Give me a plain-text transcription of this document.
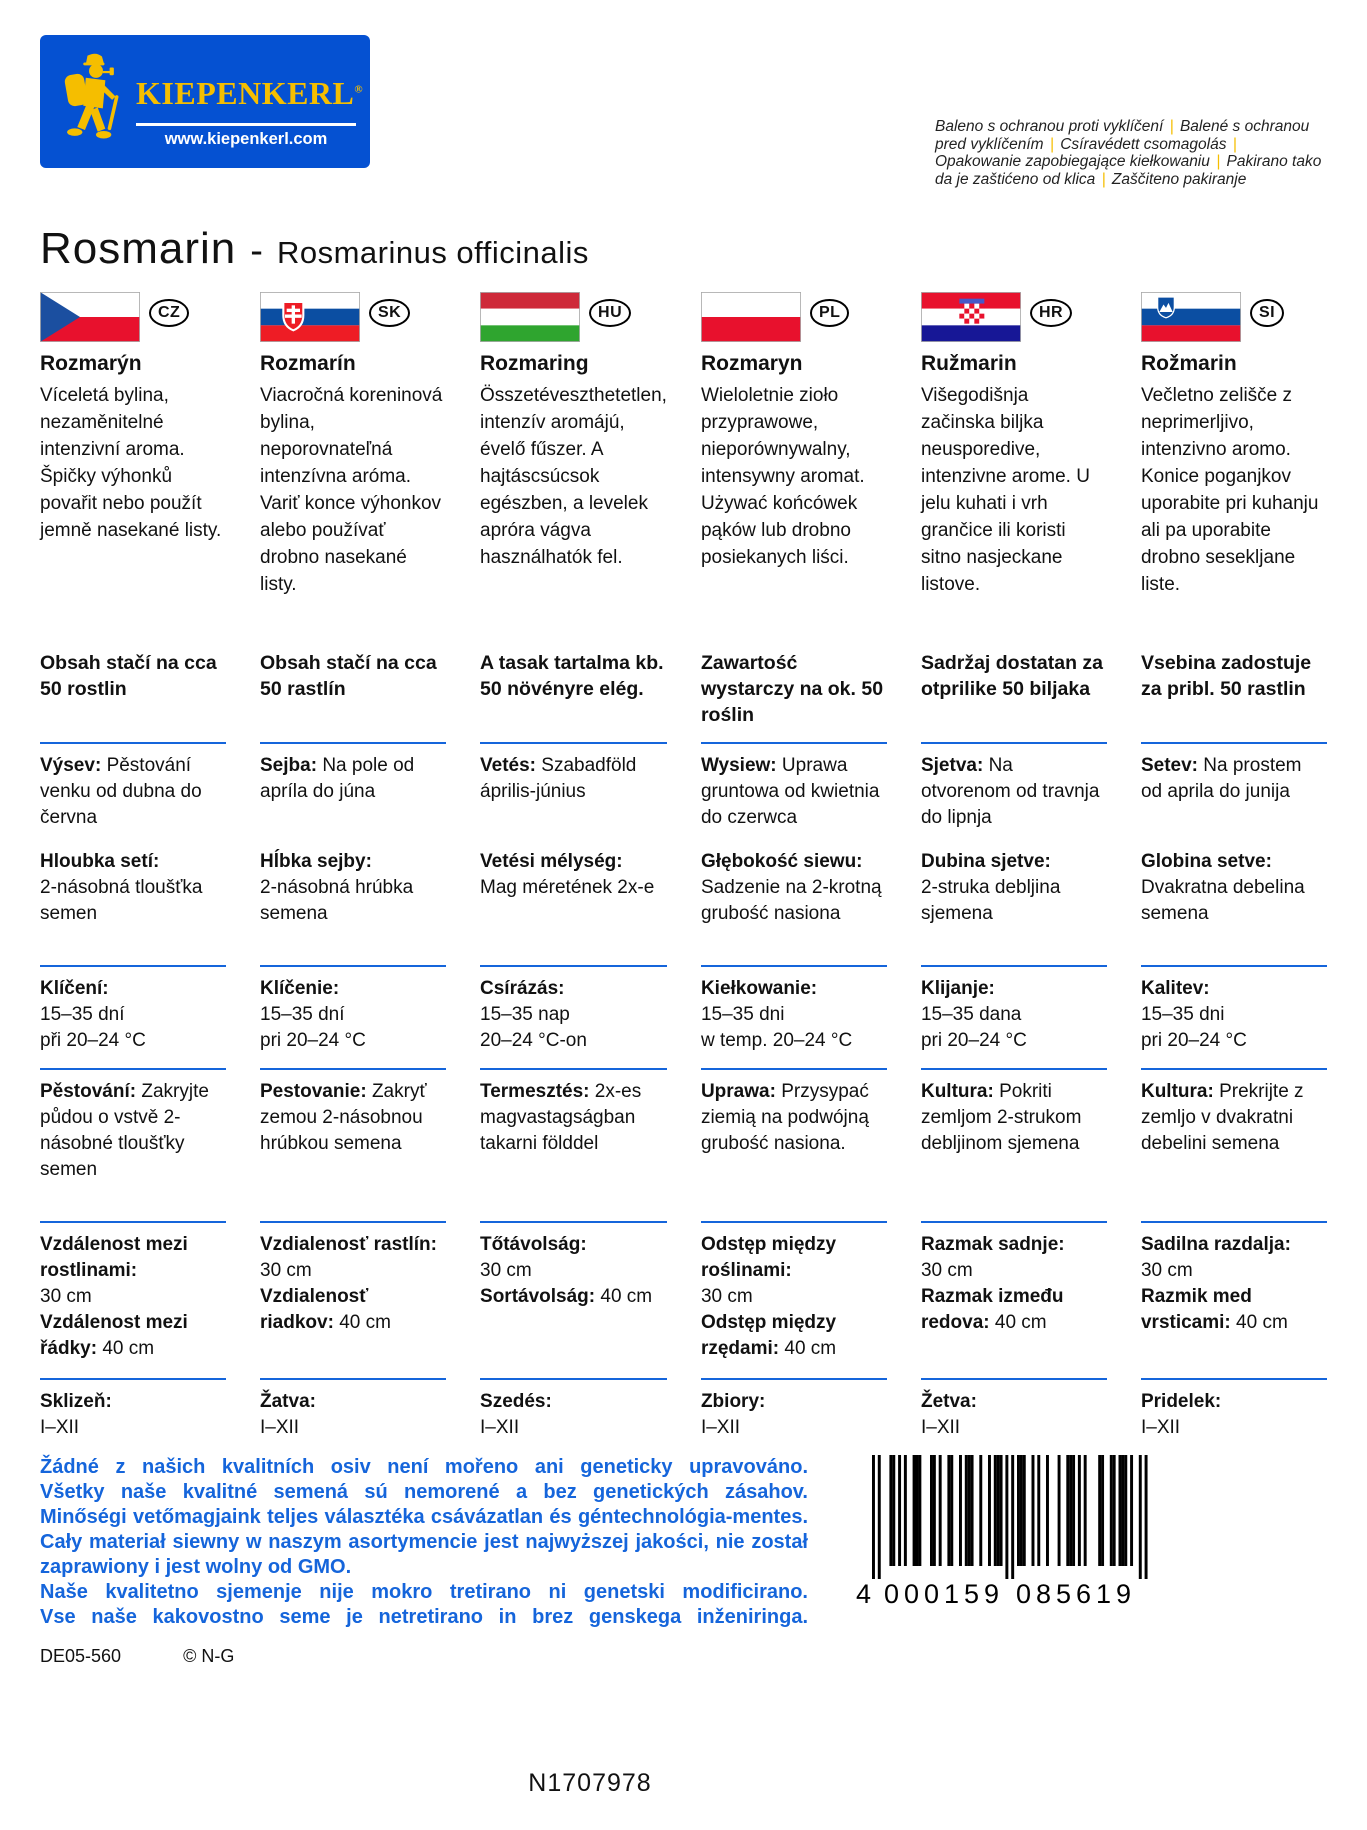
KIEPENKERL®
www.kiepenkerl.com
Baleno s ochranou proti vyklíčení | Balené s ochranou pred vyklíčením | Csíravédett csomagolás | Opakowanie zapobiegające kiełkowaniu | Pakirano tako da je zaštićeno od klica | Zaščiteno pakiranje
Rosmarin - Rosmarinus officinalis
CZ
Rozmarýn
Víceletá bylina, nezaměnitelné intenzivní aroma. Špičky výhonků povařit nebo použít jemně nasekané listy.
Obsah stačí na cca 50 rostlin
Výsev: Pěstování venku od dubna do června
Hloubka setí:
2-násobná tloušťka semen
Klíčení:
15–35 dní
při 20–24 °C
Pěstování: Zakryjte půdou o vstvě 2-násobné tloušťky semen
Vzdálenost mezi rostlinami:
30 cm
Vzdálenost mezi řádky: 40 cm
Sklizeň:
I–XII
SK
Rozmarín
Viacročná koreninová bylina, neporovnateľná intenzívna aróma. Variť konce výhonkov alebo používať drobno nasekané listy.
Obsah stačí na cca 50 rastlín
Sejba: Na pole od apríla do júna
Hĺbka sejby:
2-násobná hrúbka semena
Klíčenie:
15–35 dní
pri 20–24 °C
Pestovanie: Zakryť zemou 2-násobnou hrúbkou semena
Vzdialenosť rastlín:
30 cm
Vzdialenosť riadkov: 40 cm
Žatva:
I–XII
HU
Rozmaring
Összetéveszthetetlen, intenzív aromájú, évelő fűszer. A hajtáscsúcsok egészben, a levelek apróra vágva használhatók fel.
A tasak tartalma kb. 50 növényre elég.
Vetés: Szabadföld április-június
Vetési mélység:
Mag méretének 2x-e
Csírázás:
15–35 nap
20–24 °C-on
Termesztés: 2x-es magvastagságban takarni földdel
Tőtávolság:
30 cm
Sortávolság: 40 cm
Szedés:
I–XII
PL
Rozmaryn
Wieloletnie zioło przyprawowe, nieporównywalny, intensywny aromat. Używać końcówek pąków lub drobno posiekanych liści.
Zawartość wystarczy na ok. 50 roślin
Wysiew: Uprawa gruntowa od kwietnia do czerwca
Głębokość siewu:
Sadzenie na 2-krotną grubość nasiona
Kiełkowanie:
15–35 dni
w temp. 20–24 °C
Uprawa: Przysypać ziemią na podwójną grubość nasiona.
Odstęp między roślinami:
30 cm
Odstęp między rzędami: 40 cm
Zbiory:
I–XII
HR
Ružmarin
Višegodišnja začinska biljka neusporedive, intenzivne arome. U jelu kuhati i vrh grančice ili koristi sitno nasjeckane listove.
Sadržaj dostatan za otprilike 50 biljaka
Sjetva: Na otvorenom od travnja do lipnja
Dubina sjetve:
2-struka debljina sjemena
Klijanje:
15–35 dana
pri 20–24 °C
Kultura: Pokriti zemljom 2-strukom debljinom sjemena
Razmak sadnje:
30 cm
Razmak između redova: 40 cm
Žetva:
I–XII
SI
Rožmarin
Večletno zelišče z neprimerljivo, intenzivno aromo. Konice poganjkov uporabite pri kuhanju ali pa uporabite drobno sesekljane liste.
Vsebina zadostuje za pribl. 50 rastlin
Setev: Na prostem od aprila do junija
Globina setve:
Dvakratna debelina semena
Kalitev:
15–35 dni
pri 20–24 °C
Kultura: Prekrijte z zemljo v dvakratni debelini semena
Sadilna razdalja:
30 cm
Razmik med vrsticami: 40 cm
Pridelek:
I–XII
Žádné z našich kvalitních osiv není mořeno ani geneticky upravováno.
Všetky naše kvalitné semená sú nemorené a bez genetických zásahov.
Minőségi vetőmagjaink teljes választéka csávázatlan és géntechnológia-mentes.
Cały materiał siewny w naszym asortymencie jest najwyższej jakości, nie został zaprawiony i jest wolny od GMO.
Naše kvalitetno sjemenje nije mokro tretirano ni genetski modificirano.
Vse naše kakovostno seme je netretirano in brez genskega inženiringa.
4 000159 085619
DE05-560	© N-G
N1707978
